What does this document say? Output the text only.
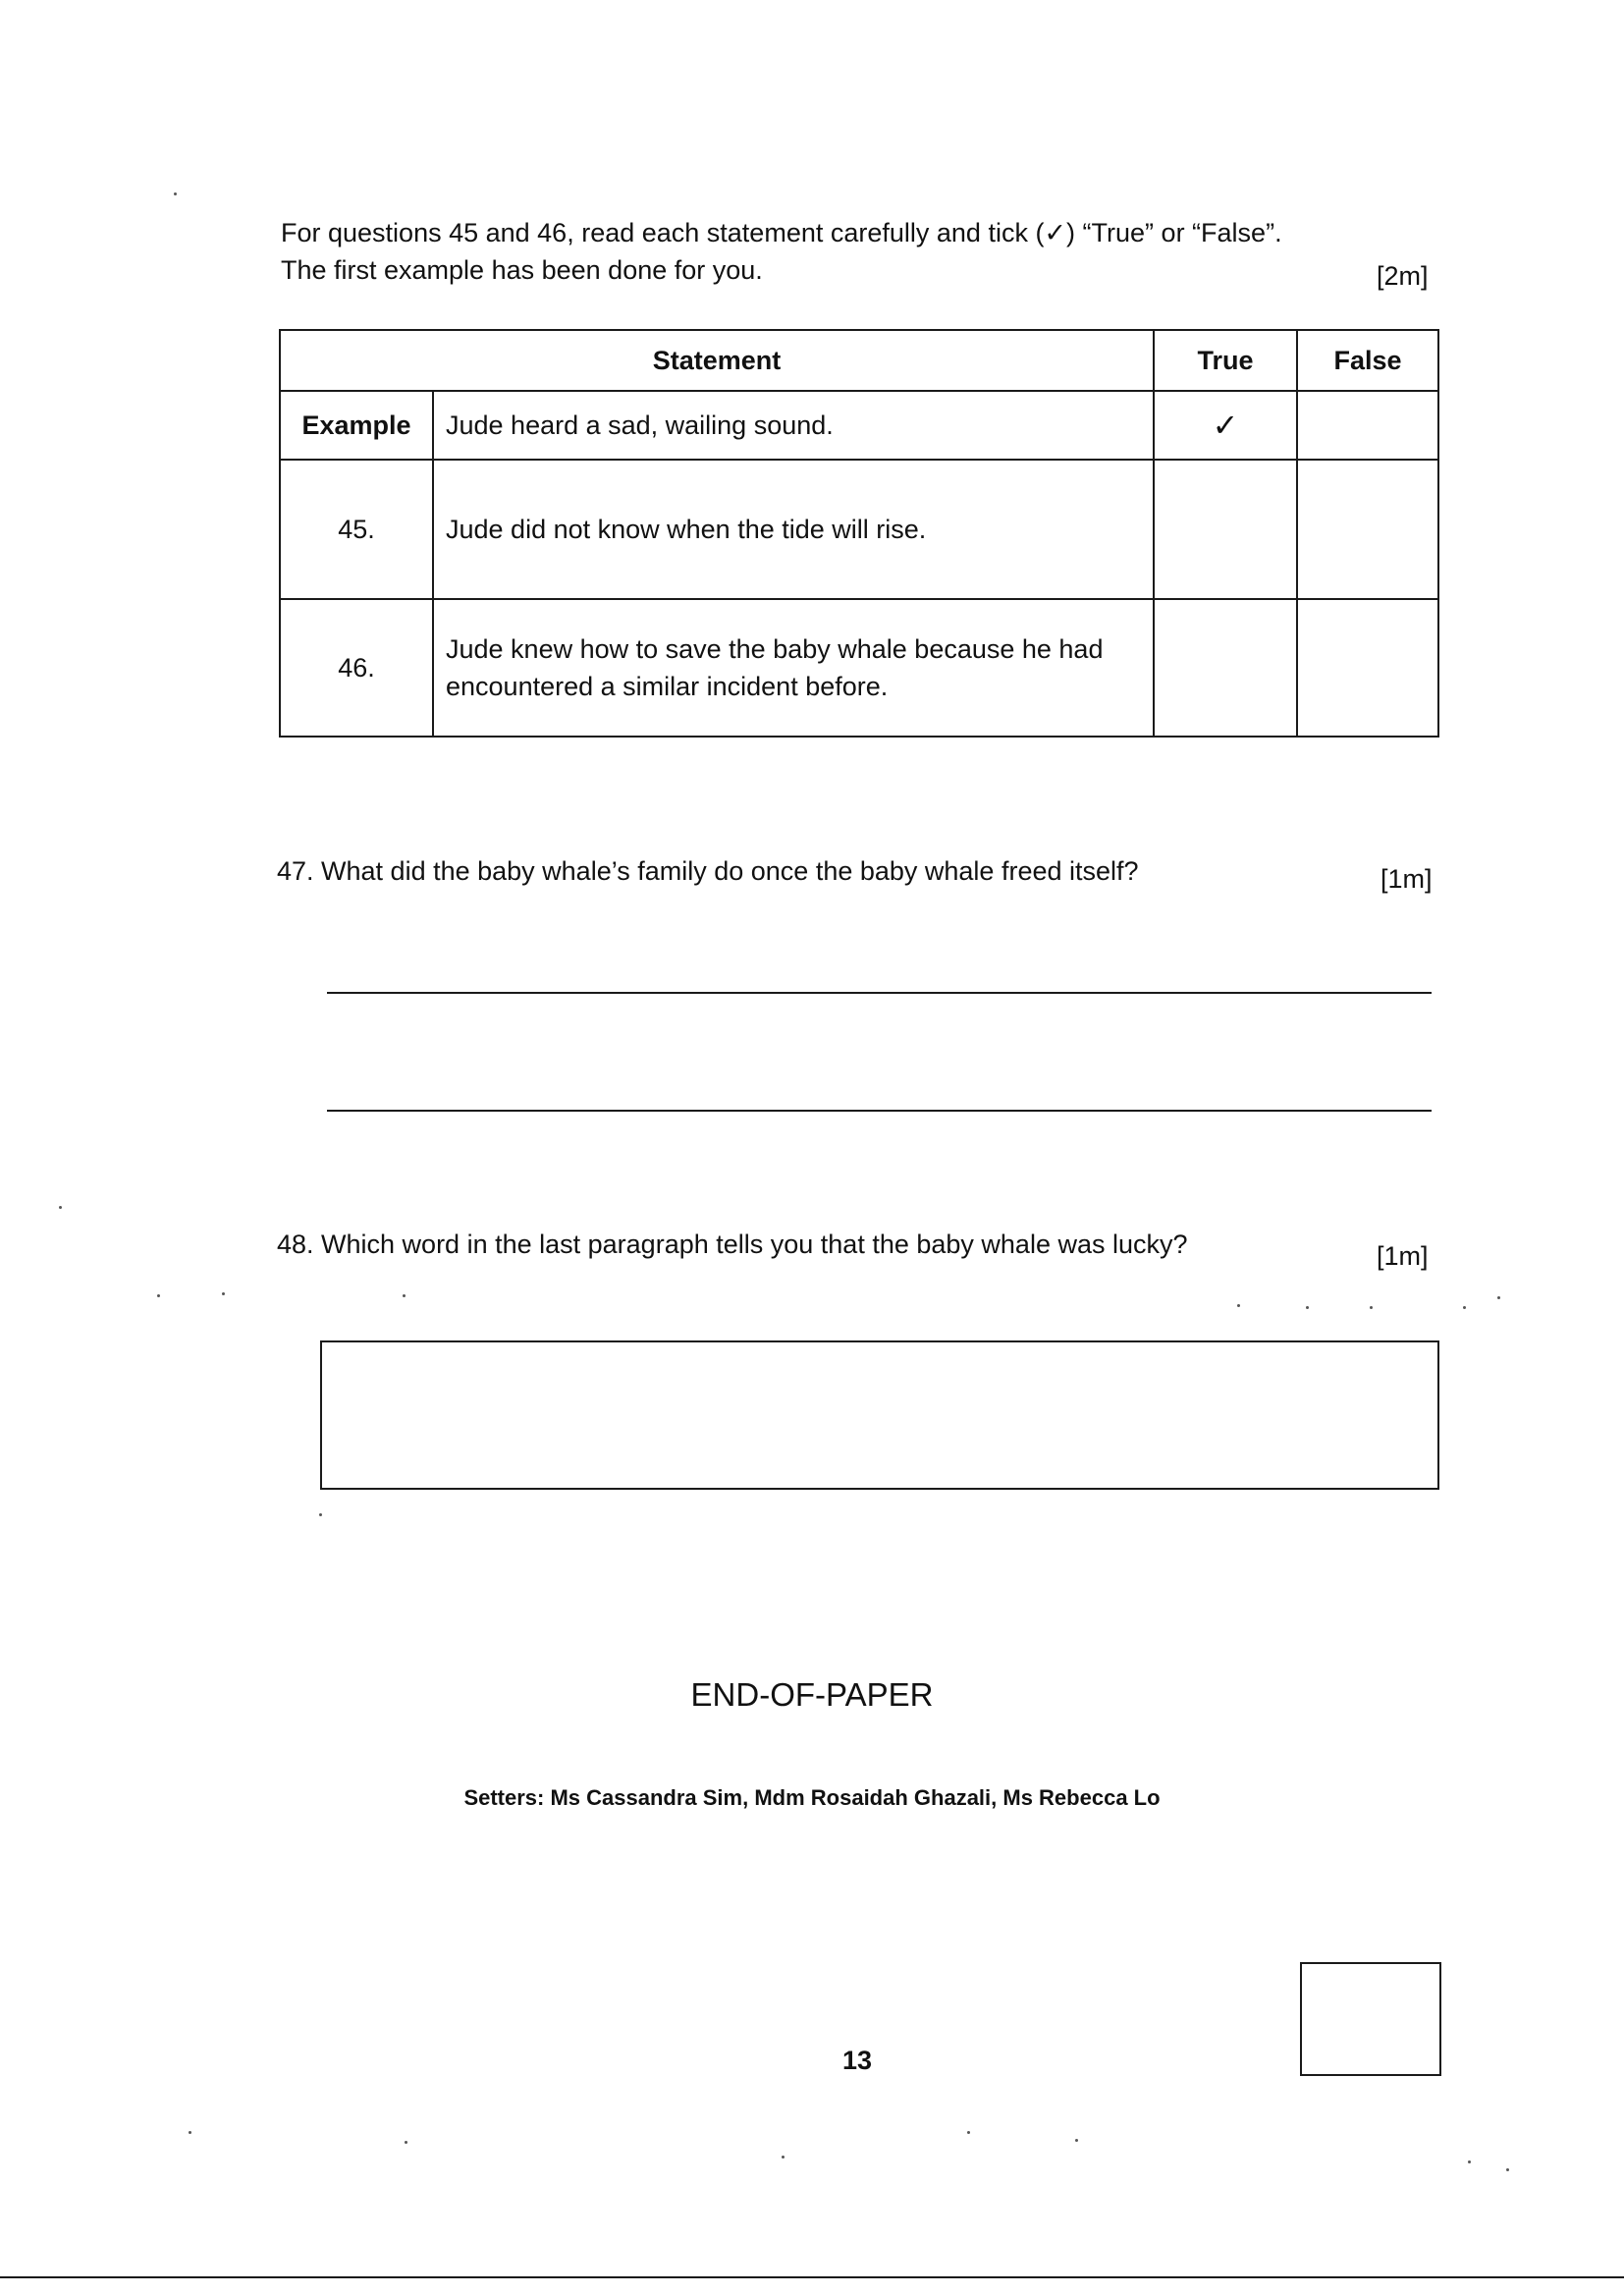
For questions 45 and 46, read each statement carefully and tick (✓) “True” or “False”.
The first example has been done for you.	[2m]
Statement		True	False
Example	Jude heard a sad, wailing sound.	✓	
45.	Jude did not know when the tide will rise.		
46.	Jude knew how to save the baby whale because he had encountered a similar incident before.		
47. What did the baby whale’s family do once the baby whale freed itself?	[1m]
48. Which word in the last paragraph tells you that the baby whale was lucky?	[1m]
END-OF-PAPER
Setters: Ms Cassandra Sim, Mdm Rosaidah Ghazali, Ms Rebecca Lo
13
